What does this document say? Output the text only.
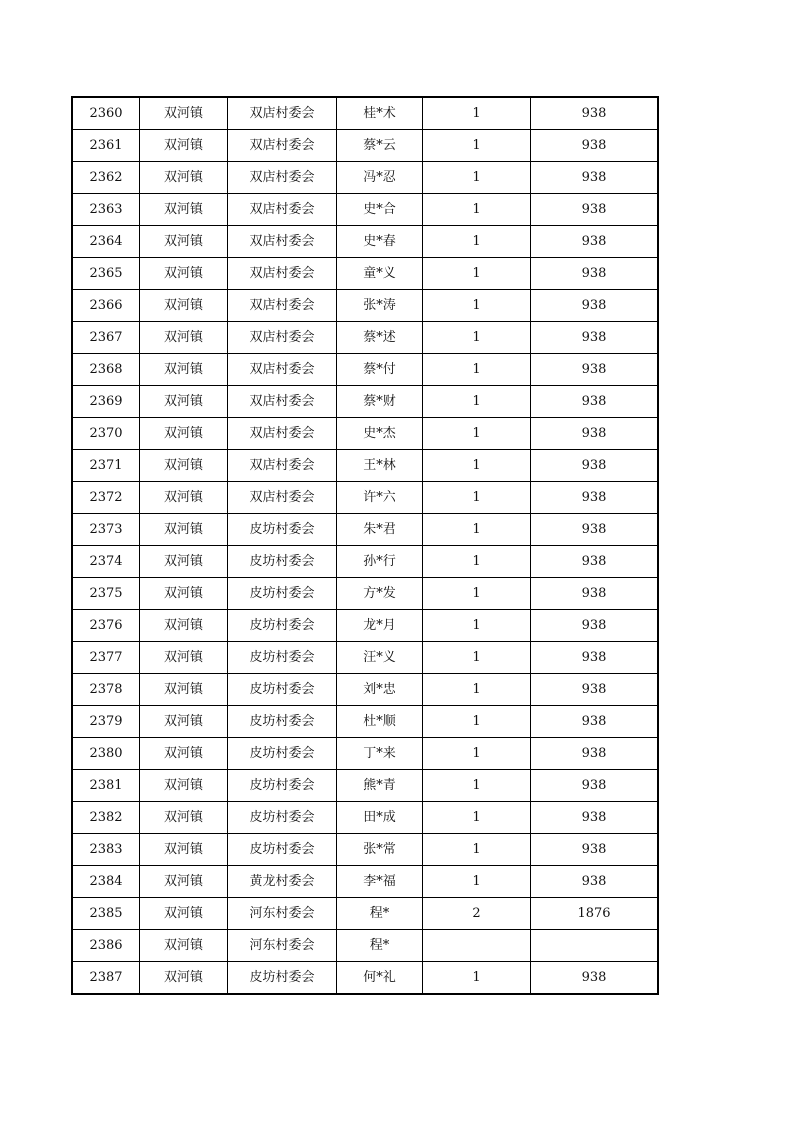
2360	双河镇	双店村委会	桂*术	1	938
2361	双河镇	双店村委会	蔡*云	1	938
2362	双河镇	双店村委会	冯*忍	1	938
2363	双河镇	双店村委会	史*合	1	938
2364	双河镇	双店村委会	史*春	1	938
2365	双河镇	双店村委会	童*义	1	938
2366	双河镇	双店村委会	张*涛	1	938
2367	双河镇	双店村委会	蔡*述	1	938
2368	双河镇	双店村委会	蔡*付	1	938
2369	双河镇	双店村委会	蔡*财	1	938
2370	双河镇	双店村委会	史*杰	1	938
2371	双河镇	双店村委会	王*林	1	938
2372	双河镇	双店村委会	许*六	1	938
2373	双河镇	皮坊村委会	朱*君	1	938
2374	双河镇	皮坊村委会	孙*行	1	938
2375	双河镇	皮坊村委会	方*发	1	938
2376	双河镇	皮坊村委会	龙*月	1	938
2377	双河镇	皮坊村委会	汪*义	1	938
2378	双河镇	皮坊村委会	刘*忠	1	938
2379	双河镇	皮坊村委会	杜*顺	1	938
2380	双河镇	皮坊村委会	丁*来	1	938
2381	双河镇	皮坊村委会	熊*青	1	938
2382	双河镇	皮坊村委会	田*成	1	938
2383	双河镇	皮坊村委会	张*常	1	938
2384	双河镇	黄龙村委会	李*福	1	938
2385	双河镇	河东村委会	程*	2	1876
2386	双河镇	河东村委会	程*		
2387	双河镇	皮坊村委会	何*礼	1	938
